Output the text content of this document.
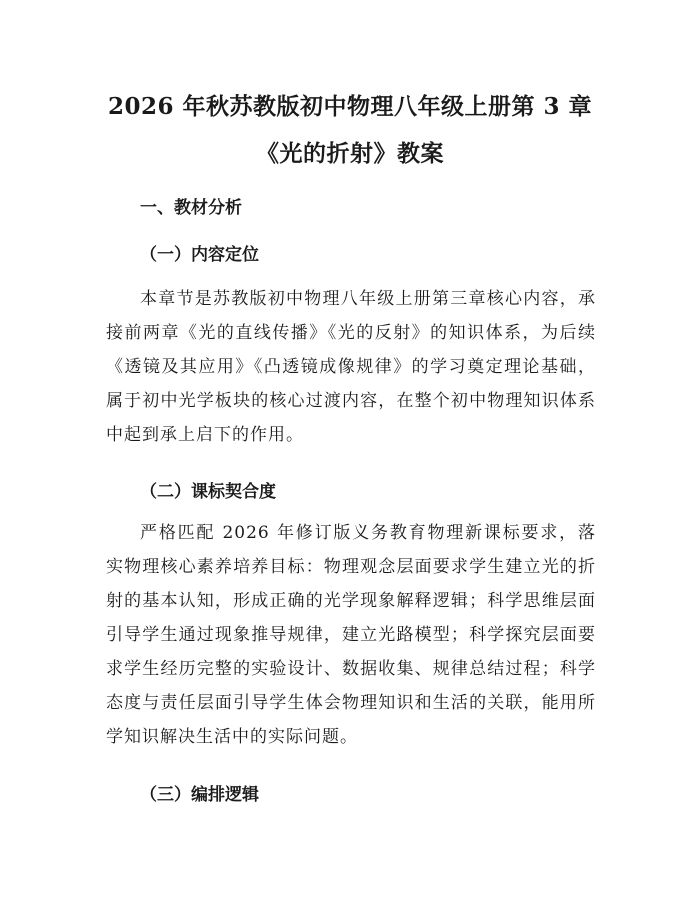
2026 年秋苏教版初中物理八年级上册第 3 章
《光的折射》教案
一、教材分析
（一）内容定位

本章节是苏教版初中物理八年级上册第三章核心内容，承接前两章《光的直线传播》《光的反射》的知识体系，为后续《透镜及其应用》《凸透镜成像规律》的学习奠定理论基础，属于初中光学板块的核心过渡内容，在整个初中物理知识体系中起到承上启下的作用。

（二）课标契合度

严格匹配 2026 年修订版义务教育物理新课标要求，落实物理核心素养培养目标：物理观念层面要求学生建立光的折射的基本认知，形成正确的光学现象解释逻辑；科学思维层面引导学生通过现象推导规律，建立光路模型；科学探究层面要求学生经历完整的实验设计、数据收集、规律总结过程；科学态度与责任层面引导学生体会物理知识和生活的关联，能用所学知识解决生活中的实际问题。

（三）编排逻辑
